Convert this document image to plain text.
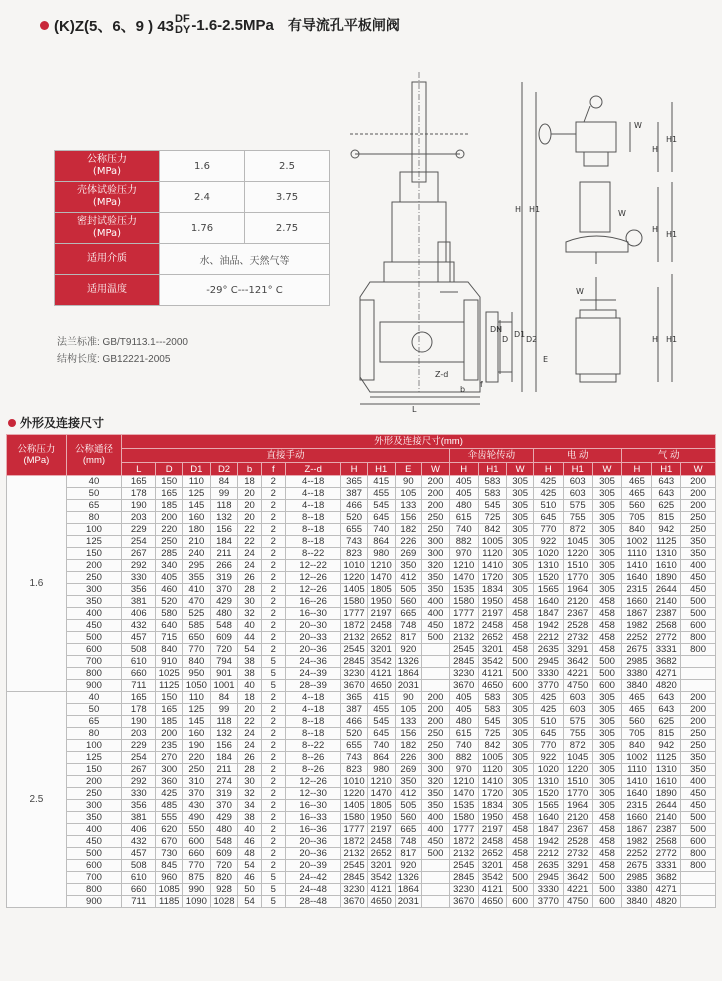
(K)Z(5、6、9 ) 43 DF
DY -1.6-2.5MPa 有导流孔平板闸阀
公称压力
(MPa)	1.6	2.5
壳体试验压力
(MPa)	2.4	3.75
密封试验压力
(MPa)	1.76	2.75
适用介质	水、油品、天然气等	
适用温度	-29° C---121° C	
法兰标准: GB/T9113.1---2000
结构长度: GB12221-2005
H H1
D
DN
D1
D2
E
Z-d
b
f
L
W
H
H1
W
H
H1
W
H H1
外形及连接尺寸
公称压力
(MPa)	公称通径
(mm)	外形及连接尺寸(mm)																			
		直接手动											伞齿轮传动			电 动			气 动		
		L	D	D1	D2	b	f	Z--d	H	H1	E	W	H	H1	W	H	H1	W	H	H1	W
1.6	40	165	150	110	84	18	2	4--18	365	415	90	200	405	583	305	425	603	305	465	643	200
	50	178	165	125	99	20	2	4--18	387	455	105	200	405	583	305	425	603	305	465	643	200
	65	190	185	145	118	20	2	4--18	466	545	133	200	480	545	305	510	575	305	560	625	200
	80	203	200	160	132	20	2	8--18	520	645	156	250	615	725	305	645	755	305	705	815	250
	100	229	220	180	156	22	2	8--18	655	740	182	250	740	842	305	770	872	305	840	942	250
	125	254	250	210	184	22	2	8--18	743	864	226	300	882	1005	305	922	1045	305	1002	1125	350
	150	267	285	240	211	24	2	8--22	823	980	269	300	970	1120	305	1020	1220	305	1110	1310	350
	200	292	340	295	266	24	2	12--22	1010	1210	350	320	1210	1410	305	1310	1510	305	1410	1610	400
	250	330	405	355	319	26	2	12--26	1220	1470	412	350	1470	1720	305	1520	1770	305	1640	1890	450
	300	356	460	410	370	28	2	12--26	1405	1805	505	350	1535	1834	305	1565	1964	305	2315	2644	450
	350	381	520	470	429	30	2	16--26	1580	1950	560	400	1580	1950	458	1640	2120	458	1660	2140	500
	400	406	580	525	480	32	2	16--30	1777	2197	665	400	1777	2197	458	1847	2367	458	1867	2387	500
	450	432	640	585	548	40	2	20--30	1872	2458	748	450	1872	2458	458	1942	2528	458	1982	2568	600
	500	457	715	650	609	44	2	20--33	2132	2652	817	500	2132	2652	458	2212	2732	458	2252	2772	800
	600	508	840	770	720	54	2	20--36	2545	3201	920		2545	3201	458	2635	3291	458	2675	3331	800
	700	610	910	840	794	38	5	24--36	2845	3542	1326		2845	3542	500	2945	3642	500	2985	3682	
	800	660	1025	950	901	38	5	24--39	3230	4121	1864		3230	4121	500	3330	4221	500	3380	4271	
	900	711	1125	1050	1001	40	5	28--39	3670	4650	2031		3670	4650	600	3770	4750	600	3840	4820	
2.5	40	165	150	110	84	18	2	4--18	365	415	90	200	405	583	305	425	603	305	465	643	200
	50	178	165	125	99	20	2	4--18	387	455	105	200	405	583	305	425	603	305	465	643	200
	65	190	185	145	118	22	2	8--18	466	545	133	200	480	545	305	510	575	305	560	625	200
	80	203	200	160	132	24	2	8--18	520	645	156	250	615	725	305	645	755	305	705	815	250
	100	229	235	190	156	24	2	8--22	655	740	182	250	740	842	305	770	872	305	840	942	250
	125	254	270	220	184	26	2	8--26	743	864	226	300	882	1005	305	922	1045	305	1002	1125	350
	150	267	300	250	211	28	2	8--26	823	980	269	300	970	1120	305	1020	1220	305	1110	1310	350
	200	292	360	310	274	30	2	12--26	1010	1210	350	320	1210	1410	305	1310	1510	305	1410	1610	400
	250	330	425	370	319	32	2	12--30	1220	1470	412	350	1470	1720	305	1520	1770	305	1640	1890	450
	300	356	485	430	370	34	2	16--30	1405	1805	505	350	1535	1834	305	1565	1964	305	2315	2644	450
	350	381	555	490	429	38	2	16--33	1580	1950	560	400	1580	1950	458	1640	2120	458	1660	2140	500
	400	406	620	550	480	40	2	16--36	1777	2197	665	400	1777	2197	458	1847	2367	458	1867	2387	500
	450	432	670	600	548	46	2	20--36	1872	2458	748	450	1872	2458	458	1942	2528	458	1982	2568	600
	500	457	730	660	609	48	2	20--36	2132	2652	817	500	2132	2652	458	2212	2732	458	2252	2772	800
	600	508	845	770	720	54	2	20--39	2545	3201	920		2545	3201	458	2635	3291	458	2675	3331	800
	700	610	960	875	820	46	5	24--42	2845	3542	1326		2845	3542	500	2945	3642	500	2985	3682	
	800	660	1085	990	928	50	5	24--48	3230	4121	1864		3230	4121	500	3330	4221	500	3380	4271	
	900	711	1185	1090	1028	54	5	28--48	3670	4650	2031		3670	4650	600	3770	4750	600	3840	4820	
